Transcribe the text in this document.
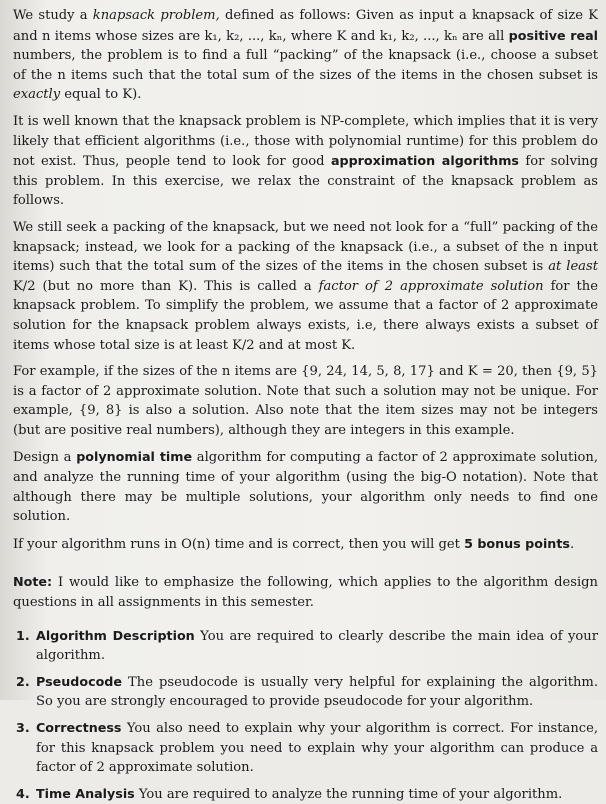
We study a knapsack problem, defined as follows: Given as input a knapsack of size K and n items whose sizes are k₁, k₂, ..., kₙ, where K and k₁, k₂, ..., kₙ are all positive real numbers, the problem is to find a full “packing” of the knapsack (i.e., choose a subset of the n items such that the total sum of the sizes of the items in the chosen subset is exactly equal to K).

It is well known that the knapsack problem is NP-complete, which implies that it is very likely that efficient algorithms (i.e., those with polynomial runtime) for this problem do not exist. Thus, people tend to look for good approximation algorithms for solving this problem. In this exercise, we relax the constraint of the knapsack problem as follows.

We still seek a packing of the knapsack, but we need not look for a “full” packing of the knapsack; instead, we look for a packing of the knapsack (i.e., a subset of the n input items) such that the total sum of the sizes of the items in the chosen subset is at least K/2 (but no more than K). This is called a factor of 2 approximate solution for the knapsack problem. To simplify the problem, we assume that a factor of 2 approximate solution for the knapsack problem always exists, i.e, there always exists a subset of items whose total size is at least K/2 and at most K.

For example, if the sizes of the n items are {9, 24, 14, 5, 8, 17} and K = 20, then {9, 5} is a factor of 2 approximate solution. Note that such a solution may not be unique. For example, {9, 8} is also a solution. Also note that the item sizes may not be integers (but are positive real numbers), although they are integers in this example.

Design a polynomial time algorithm for computing a factor of 2 approximate solution, and analyze the running time of your algorithm (using the big-O notation). Note that although there may be multiple solutions, your algorithm only needs to find one solution.

If your algorithm runs in O(n) time and is correct, then you will get 5 bonus points.

Note: I would like to emphasize the following, which applies to the algorithm design questions in all assignments in this semester.

1. Algorithm Description You are required to clearly describe the main idea of your algorithm.
2. Pseudocode The pseudocode is usually very helpful for explaining the algorithm. So you are strongly encouraged to provide pseudocode for your algorithm.
3. Correctness You also need to explain why your algorithm is correct. For instance, for this knapsack problem you need to explain why your algorithm can produce a factor of 2 approximate solution.
4. Time Analysis You are required to analyze the running time of your algorithm.
